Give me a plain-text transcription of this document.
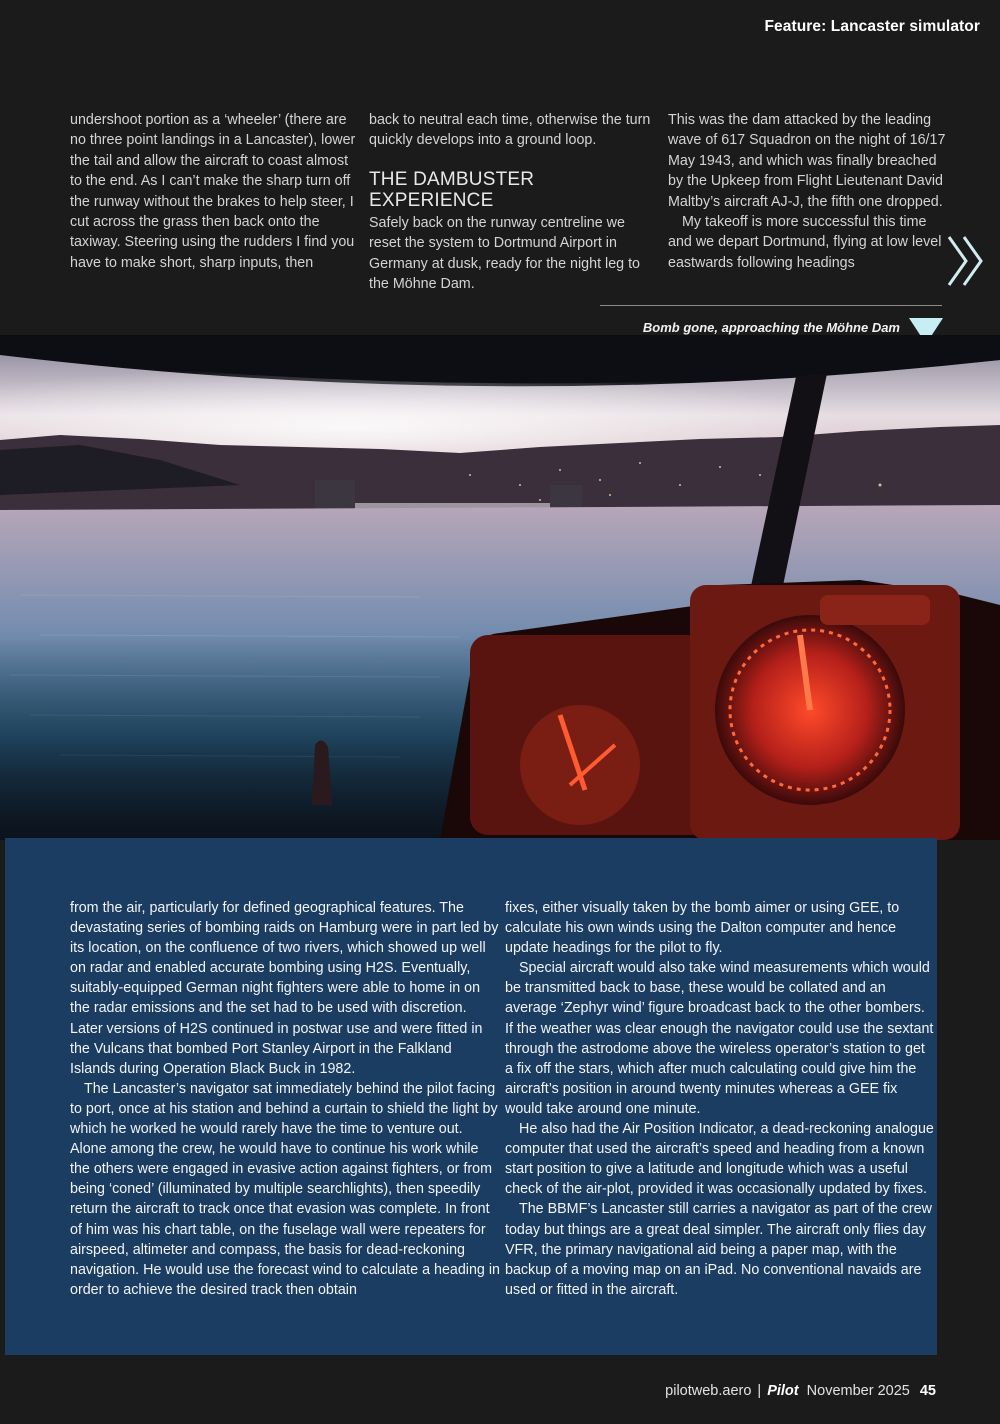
Feature: Lancaster simulator

undershoot portion as a ‘wheeler’ (there are no three point landings in a Lancaster), lower the tail and allow the aircraft to coast almost to the end. As I can’t make the sharp turn off the runway without the brakes to help steer, I cut across the grass then back onto the taxiway. Steering using the rudders I find you have to make short, sharp inputs, then

back to neutral each time, otherwise the turn quickly develops into a ground loop.

THE DAMBUSTER EXPERIENCE

Safely back on the runway centreline we reset the system to Dortmund Airport in Germany at dusk, ready for the night leg to the Möhne Dam.

This was the dam attacked by the leading wave of 617 Squadron on the night of 16/17 May 1943, and which was finally breached by the Upkeep from Flight Lieutenant David Maltby’s aircraft AJ-J, the fifth one dropped.

My takeoff is more successful this time and we depart Dortmund, flying at low level eastwards following headings

Bomb gone, approaching the Möhne Dam

from the air, particularly for defined geographical features. The devastating series of bombing raids on Hamburg were in part led by its location, on the confluence of two rivers, which showed up well on radar and enabled accurate bombing using H2S. Eventually, suitably-equipped German night fighters were able to home in on the radar emissions and the set had to be used with discretion. Later versions of H2S continued in postwar use and were fitted in the Vulcans that bombed Port Stanley Airport in the Falkland Islands during Operation Black Buck in 1982.

The Lancaster’s navigator sat immediately behind the pilot facing to port, once at his station and behind a curtain to shield the light by which he worked he would rarely have the time to venture out. Alone among the crew, he would have to continue his work while the others were engaged in evasive action against fighters, or from being ‘coned’ (illuminated by multiple searchlights), then speedily return the aircraft to track once that evasion was complete. In front of him was his chart table, on the fuselage wall were repeaters for airspeed, altimeter and compass, the basis for dead-reckoning navigation. He would use the forecast wind to calculate a heading in order to achieve the desired track then obtain

fixes, either visually taken by the bomb aimer or using GEE, to calculate his own winds using the Dalton computer and hence update headings for the pilot to fly.

Special aircraft would also take wind measurements which would be transmitted back to base, these would be collated and an average ‘Zephyr wind’ figure broadcast back to the other bombers. If the weather was clear enough the navigator could use the sextant through the astrodome above the wireless operator’s station to get a fix off the stars, which after much calculating could give him the aircraft’s position in around twenty minutes whereas a GEE fix would take around one minute.

He also had the Air Position Indicator, a dead-reckoning analogue computer that used the aircraft’s speed and heading from a known start position to give a latitude and longitude which was a useful check of the air-plot, provided it was occasionally updated by fixes.

The BBMF’s Lancaster still carries a navigator as part of the crew today but things are a great deal simpler. The aircraft only flies day VFR, the primary navigational aid being a paper map, with the backup of a moving map on an iPad. No conventional navaids are used or fitted in the aircraft.

pilotweb.aero | Pilot November 2025 45
